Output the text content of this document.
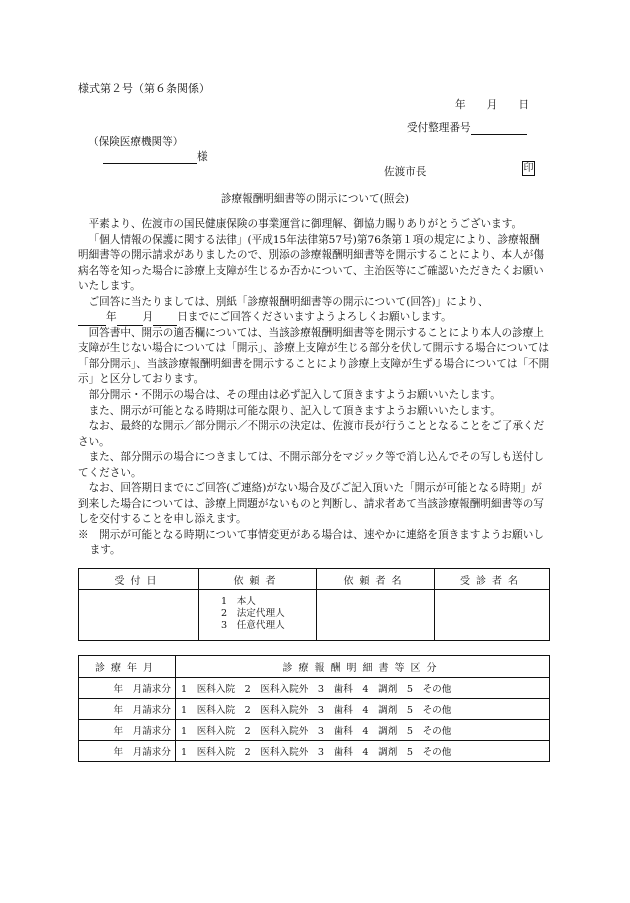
様式第２号（第６条関係）
年　　月　　日
受付整理番号
（保険医療機関等）
様
佐渡市長	印
診療報酬明細書等の開示について(照会)

平素より、佐渡市の国民健康保険の事業運営に御理解、御協力賜りありがとうございます。

「個人情報の保護に関する法律」(平成15年法律第57号)第76条第１項の規定により、診療報酬明細書等の開示請求がありましたので、別添の診療報酬明細書等を開示することにより、本人が傷病名等を知った場合に診療上支障が生じるか否かについて、主治医等にご確認いただきたくお願いいたします。

ご回答に当たりましては、別紙「診療報酬明細書等の開示について(回答)」により、

年 月 日までにご回答くださいますようよろしくお願いします。

回答書中、開示の適否欄については、当該診療報酬明細書等を開示することにより本人の診療上支障が生じない場合については「開示」、診療上支障が生じる部分を伏して開示する場合については「部分開示」、当該診療報酬明細書を開示することにより診療上支障が生ずる場合については「不開示」と区分しております。

部分開示・不開示の場合は、その理由は必ず記入して頂きますようお願いいたします。

また、開示が可能となる時期は可能な限り、記入して頂きますようお願いいたします。

なお、最終的な開示／部分開示／不開示の決定は、佐渡市長が行うこととなることをご了承ください。

また、部分開示の場合につきましては、不開示部分をマジック等で消し込んでその写しも送付してください。

なお、回答期日までにご回答(ご連絡)がない場合及びご記入頂いた「開示が可能となる時期」が到来した場合については、診療上問題がないものと判断し、請求者あて当該診療報酬明細書等の写しを交付することを申し添えます。

※　開示が可能となる時期について事情変更がある場合は、速やかに連絡を頂きますようお願いします。

受付日	依頼者	依頼者名	受診者名

	1　本人
2　法定代理人
3　任意代理人		

診療年月	診療報酬明細書等区分
年　月請求分	1　医科入院　2　医科入院外　3　歯科　4　調剤　5　その他
年　月請求分	1　医科入院　2　医科入院外　3　歯科　4　調剤　5　その他
年　月請求分	1　医科入院　2　医科入院外　3　歯科　4　調剤　5　その他
年　月請求分	1　医科入院　2　医科入院外　3　歯科　4　調剤　5　その他
